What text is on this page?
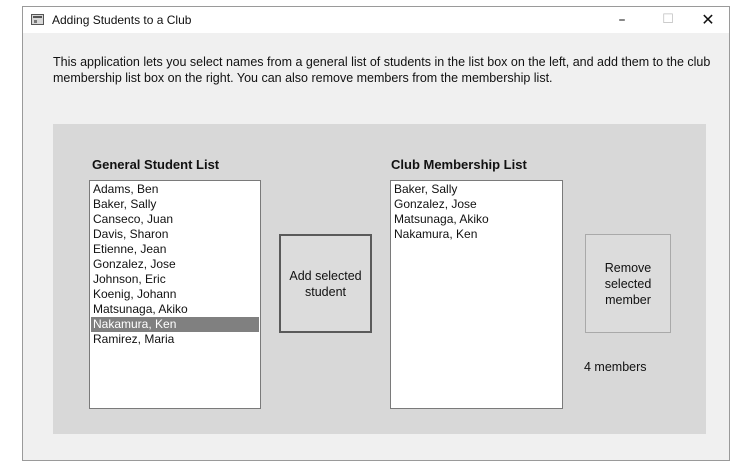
Adding Students to a Club	–	☐	✕
This application lets you select names from a general list of students in the list box on the left, and add them to the club membership list box on the right. You can also remove members from the membership list.
General Student List
Adams, Ben
Baker, Sally
Canseco, Juan
Davis, Sharon
Etienne, Jean
Gonzalez, Jose
Johnson, Eric
Koenig, Johann
Matsunaga, Akiko
Nakamura, Ken
Ramirez, Maria
Add selected student
Club Membership List
Baker, Sally
Gonzalez, Jose
Matsunaga, Akiko
Nakamura, Ken
Remove selected member
4 members
